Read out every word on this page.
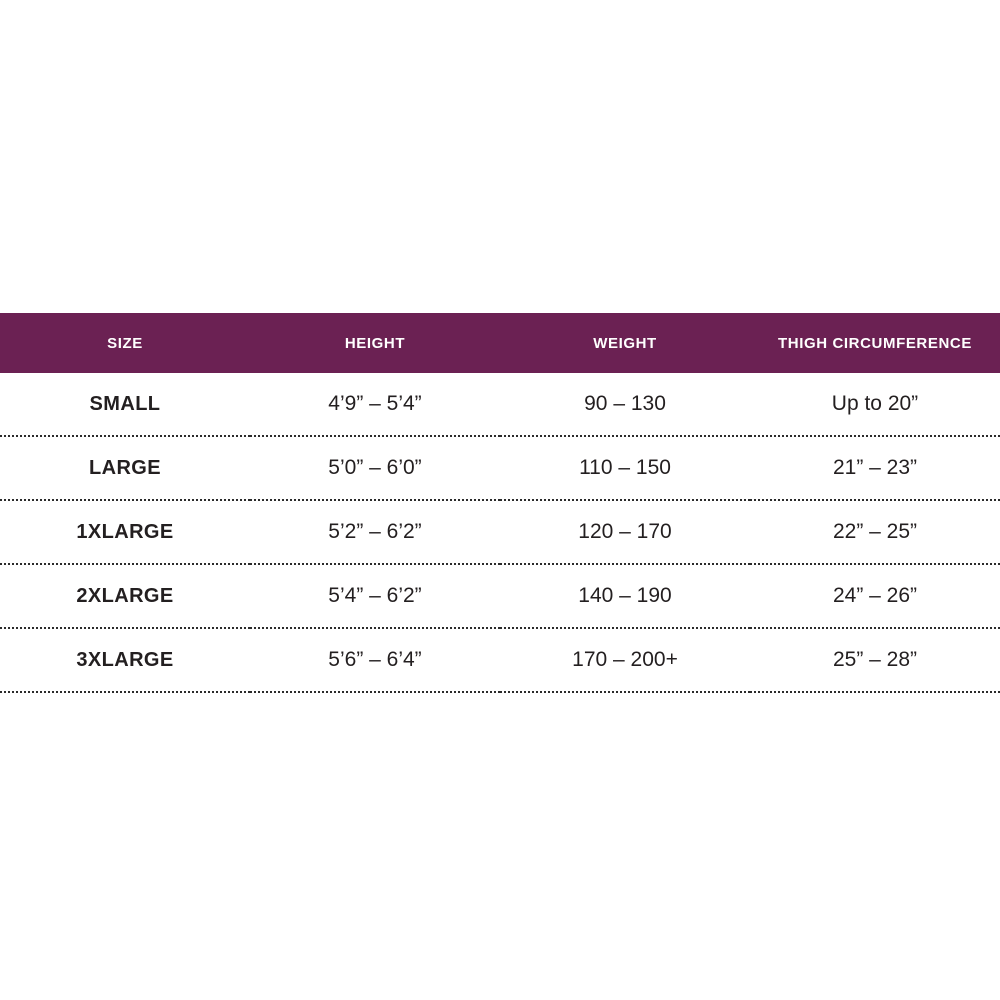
SIZE	HEIGHT	WEIGHT	THIGH CIRCUMFERENCE
SMALL	4’9” – 5’4”	90 – 130	Up to 20”
LARGE	5’0” – 6’0”	110 – 150	21” – 23”
1XLARGE	5’2” – 6’2”	120 – 170	22” – 25”
2XLARGE	5’4” – 6’2”	140 – 190	24” – 26”
3XLARGE	5’6” – 6’4”	170 – 200+	25” – 28”
